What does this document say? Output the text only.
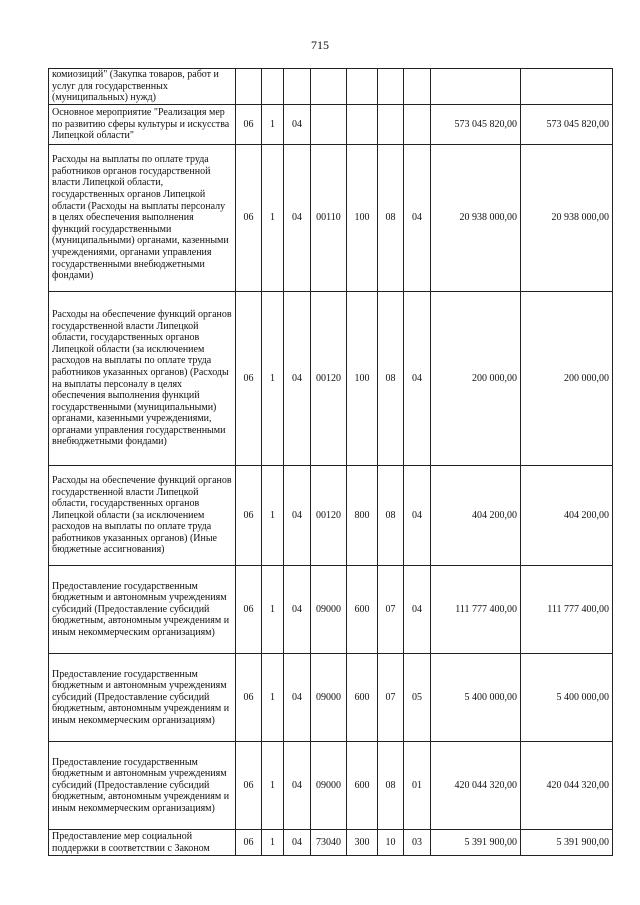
715
комиозиций" (Закупка товаров, работ и услуг для государственных (муниципальных) нужд)									
Основное мероприятие "Реализация мер по развитию сферы культуры и искусства Липецкой области"	06	1	04					573 045 820,00	573 045 820,00
Расходы на выплаты по оплате труда работников органов государственной власти Липецкой области, государственных органов Липецкой области (Расходы на выплаты персоналу в целях обеспечения выполнения функций государственными (муниципальными) органами, казенными учреждениями, органами управления государственными внебюджетными фондами)	06	1	04	00110	100	08	04	20 938 000,00	20 938 000,00
Расходы на обеспечение функций органов государственной власти Липецкой области, государственных органов Липецкой области (за исключением расходов на выплаты по оплате труда работников указанных органов) (Расходы на выплаты персоналу в целях обеспечения выполнения функций государственными (муниципальными) органами, казенными учреждениями, органами управления государственными внебюджетными фондами)	06	1	04	00120	100	08	04	200 000,00	200 000,00
Расходы на обеспечение функций органов государственной власти Липецкой области, государственных органов Липецкой области (за исключением расходов на выплаты по оплате труда работников указанных органов) (Иные бюджетные ассигнования)	06	1	04	00120	800	08	04	404 200,00	404 200,00
Предоставление государственным бюджетным и автономным учреждениям субсидий (Предоставление субсидий бюджетным, автономным учреждениям и иным некоммерческим организациям)	06	1	04	09000	600	07	04	111 777 400,00	111 777 400,00
Предоставление государственным бюджетным и автономным учреждениям субсидий (Предоставление субсидий бюджетным, автономным учреждениям и иным некоммерческим организациям)	06	1	04	09000	600	07	05	5 400 000,00	5 400 000,00
Предоставление государственным бюджетным и автономным учреждениям субсидий (Предоставление субсидий бюджетным, автономным учреждениям и иным некоммерческим организациям)	06	1	04	09000	600	08	01	420 044 320,00	420 044 320,00
Предоставление мер социальной поддержки в соответствии с Законом	06	1	04	73040	300	10	03	5 391 900,00	5 391 900,00
